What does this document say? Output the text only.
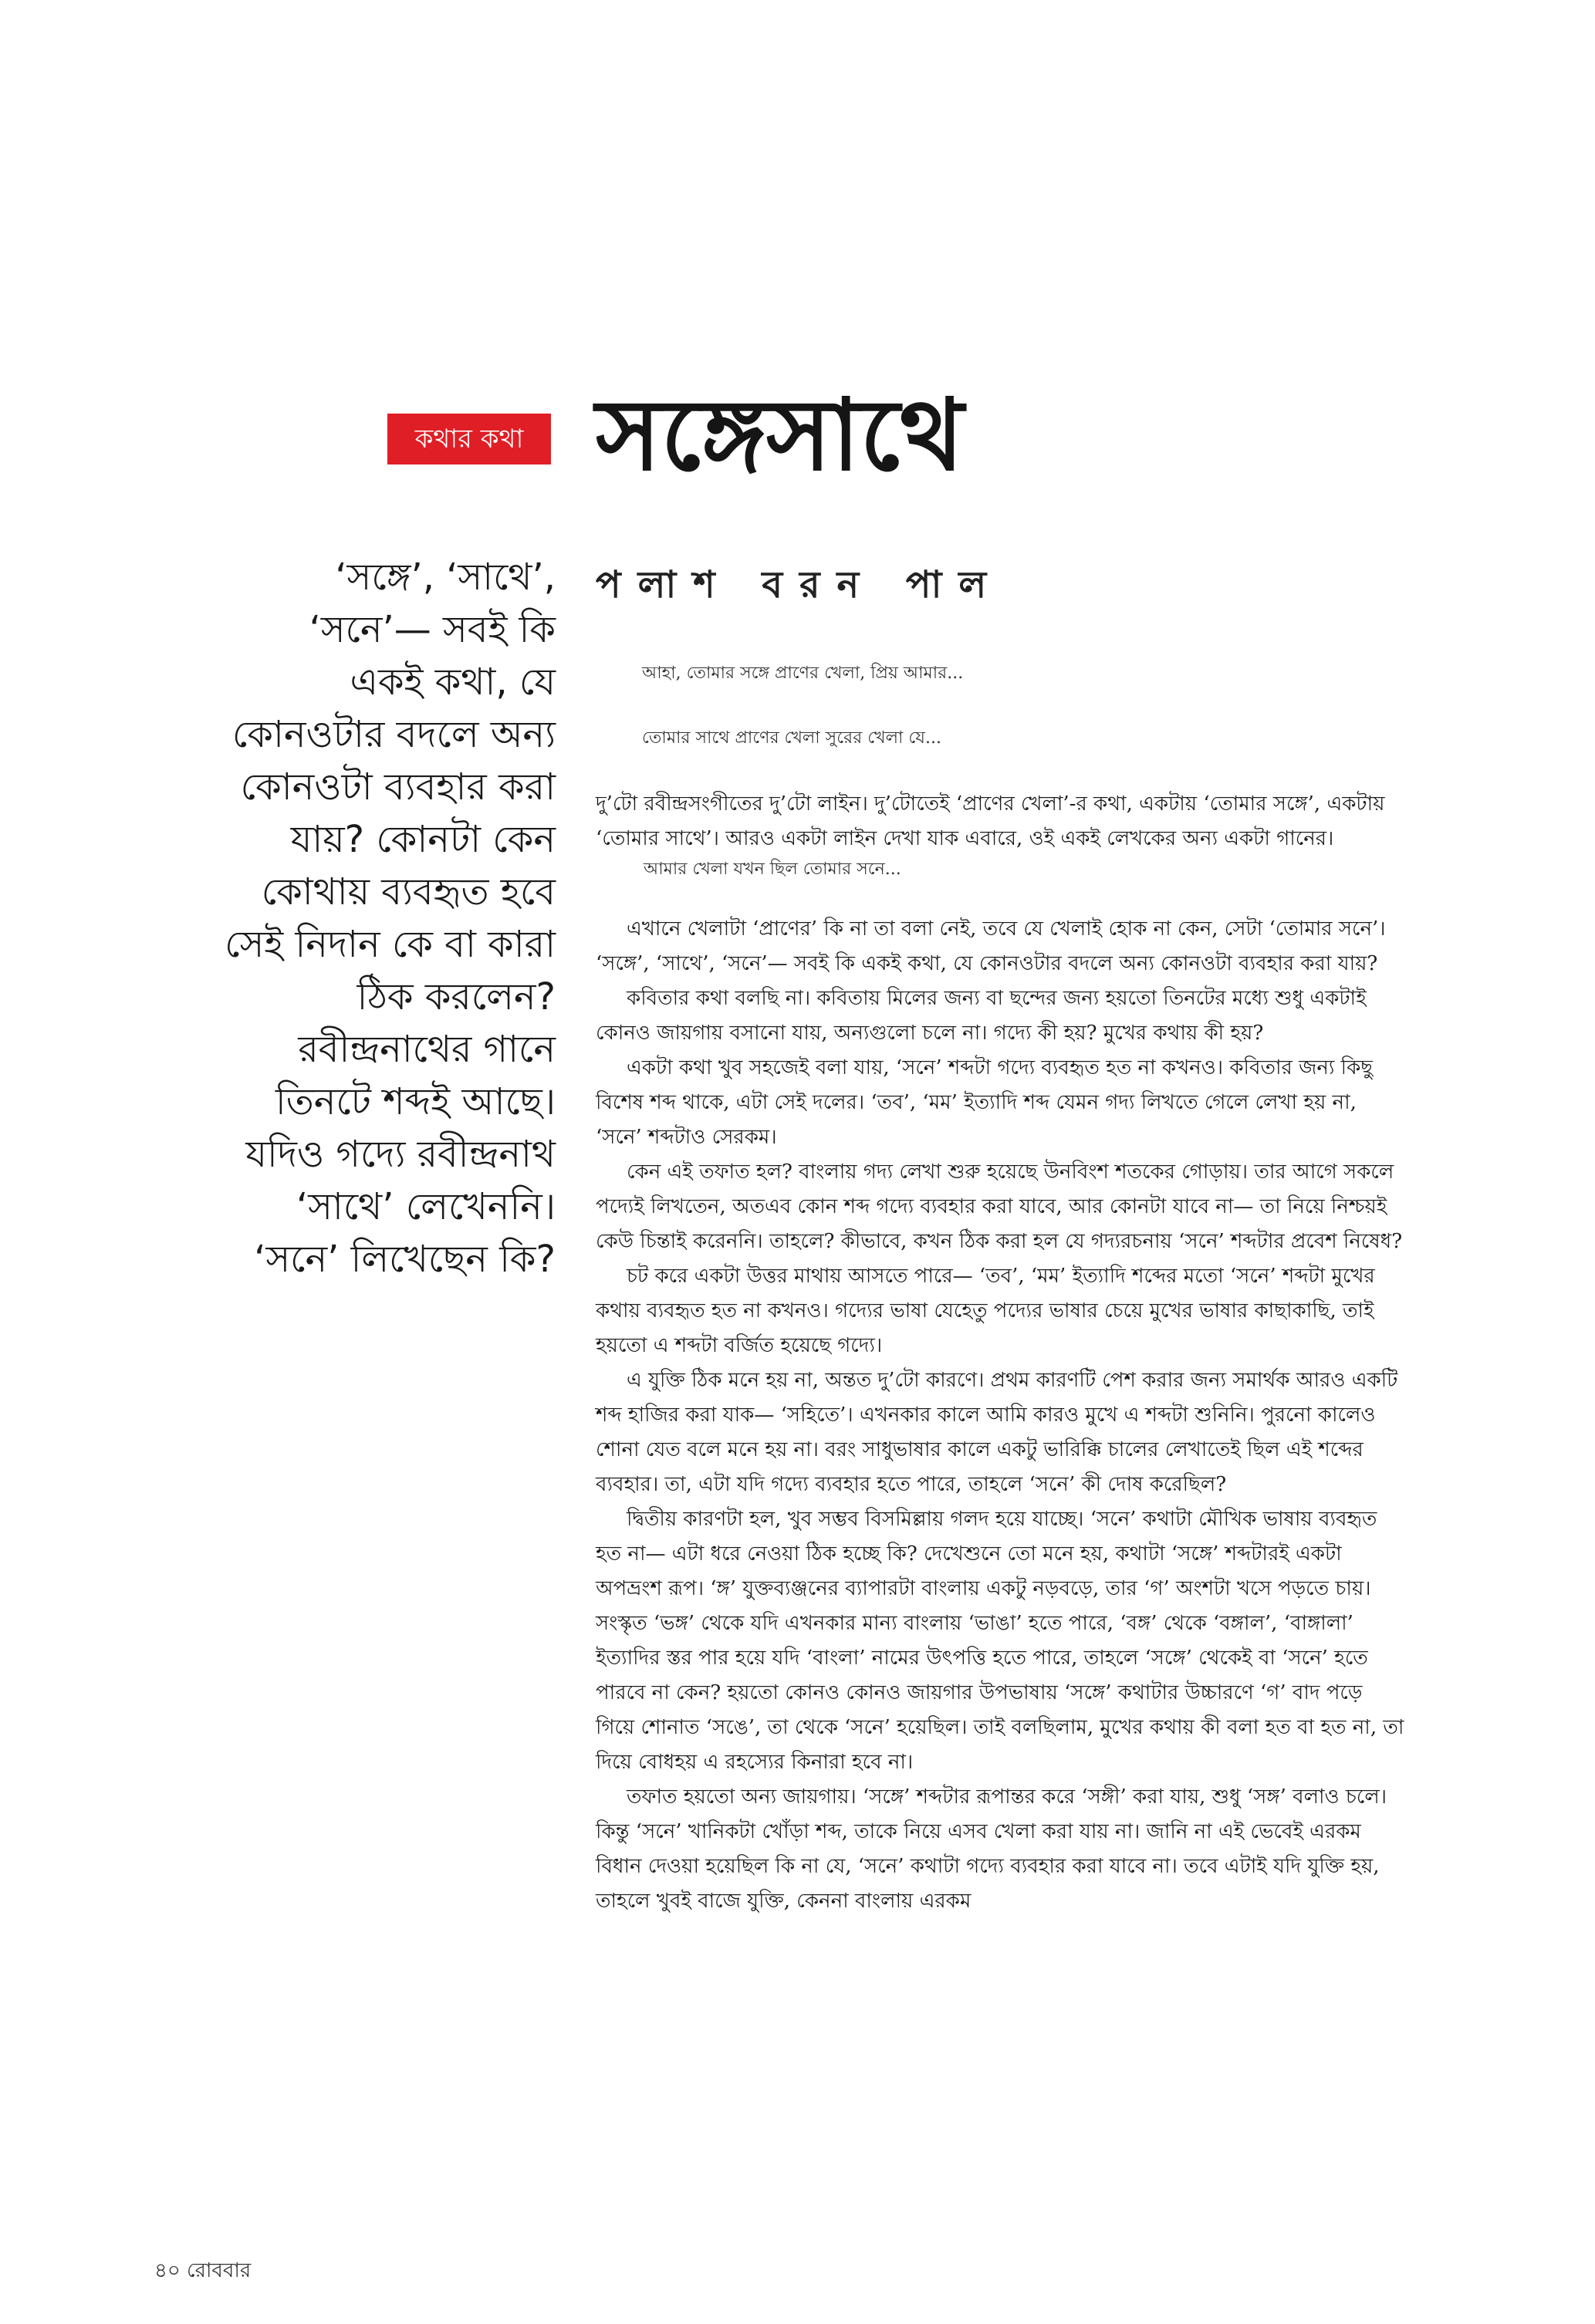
কথার কথা সঙ্গেসাথে
পলাশ বরন পাল
‘সঙ্গে’, ‘সাথে’,
‘সনে’— সবই কি
একই কথা, যে
কোনওটার বদলে অন্য
কোনওটা ব্যবহার করা
যায়? কোনটা কেন
কোথায় ব্যবহৃত হবে
সেই নিদান কে বা কারা
ঠিক করলেন?
রবীন্দ্রনাথের গানে
তিনটে শব্দই আছে।
যদিও গদ্যে রবীন্দ্রনাথ
‘সাথে’ লেখেননি।
‘সনে’ লিখেছেন কি?

আহা, তোমার সঙ্গে প্রাণের খেলা, প্রিয় আমার...

তোমার সাথে প্রাণের খেলা সুরের খেলা যে...

দু’টো রবীন্দ্রসংগীতের দু’টো লাইন। দু’টোতেই ‘প্রাণের খেলা’-র কথা, একটায় ‘তোমার সঙ্গে’, একটায় ‘তোমার সাথে’। আরও একটা লাইন দেখা যাক এবারে, ওই একই লেখকের অন্য একটা গানের।

আমার খেলা যখন ছিল তোমার সনে...

এখানে খেলাটা ‘প্রাণের’ কি না তা বলা নেই, তবে যে খেলাই হোক না কেন, সেটা ‘তোমার সনে’। ‘সঙ্গে’, ‘সাথে’, ‘সনে’— সবই কি একই কথা, যে কোনওটার বদলে অন্য কোনওটা ব্যবহার করা যায়?

কবিতার কথা বলছি না। কবিতায় মিলের জন্য বা ছন্দের জন্য হয়তো তিনটের মধ্যে শুধু একটাই কোনও জায়গায় বসানো যায়, অন্যগুলো চলে না। গদ্যে কী হয়? মুখের কথায় কী হয়?

একটা কথা খুব সহজেই বলা যায়, ‘সনে’ শব্দটা গদ্যে ব্যবহৃত হত না কখনও। কবিতার জন্য কিছু বিশেষ শব্দ থাকে, এটা সেই দলের। ‘তব’, ‘মম’ ইত্যাদি শব্দ যেমন গদ্য লিখতে গেলে লেখা হয় না, ‘সনে’ শব্দটাও সেরকম।

কেন এই তফাত হল? বাংলায় গদ্য লেখা শুরু হয়েছে উনবিংশ শতকের গোড়ায়। তার আগে সকলে পদ্যেই লিখতেন, অতএব কোন শব্দ গদ্যে ব্যবহার করা যাবে, আর কোনটা যাবে না— তা নিয়ে নিশ্চয়ই কেউ চিন্তাই করেননি। তাহলে? কীভাবে, কখন ঠিক করা হল যে গদ্যরচনায় ‘সনে’ শব্দটার প্রবেশ নিষেধ?

চট করে একটা উত্তর মাথায় আসতে পারে— ‘তব’, ‘মম’ ইত্যাদি শব্দের মতো ‘সনে’ শব্দটা মুখের কথায় ব্যবহৃত হত না কখনও। গদ্যের ভাষা যেহেতু পদ্যের ভাষার চেয়ে মুখের ভাষার কাছাকাছি, তাই হয়তো এ শব্দটা বর্জিত হয়েছে গদ্যে।

এ যুক্তি ঠিক মনে হয় না, অন্তত দু’টো কারণে। প্রথম কারণটি পেশ করার জন্য সমার্থক আরও একটি শব্দ হাজির করা যাক— ‘সহিতে’। এখনকার কালে আমি কারও মুখে এ শব্দটা শুনিনি। পুরনো কালেও শোনা যেত বলে মনে হয় না। বরং সাধুভাষার কালে একটু ভারিক্কি চালের লেখাতেই ছিল এই শব্দের ব্যবহার। তা, এটা যদি গদ্যে ব্যবহার হতে পারে, তাহলে ‘সনে’ কী দোষ করেছিল?

দ্বিতীয় কারণটা হল, খুব সম্ভব বিসমিল্লায় গলদ হয়ে যাচ্ছে। ‘সনে’ কথাটা মৌখিক ভাষায় ব্যবহৃত হত না— এটা ধরে নেওয়া ঠিক হচ্ছে কি? দেখেশুনে তো মনে হয়, কথাটা ‘সঙ্গে’ শব্দটারই একটা অপভ্রংশ রূপ। ‘ঙ্গ’ যুক্তব্যঞ্জনের ব্যাপারটা বাংলায় একটু নড়বড়ে, তার ‘গ’ অংশটা খসে পড়তে চায়। সংস্কৃত ‘ভঙ্গ’ থেকে যদি এখনকার মান্য বাংলায় ‘ভাঙা’ হতে পারে, ‘বঙ্গ’ থেকে ‘বঙ্গাল’, ‘বাঙ্গালা’ ইত্যাদির স্তর পার হয়ে যদি ‘বাংলা’ নামের উৎপত্তি হতে পারে, তাহলে ‘সঙ্গে’ থেকেই বা ‘সনে’ হতে পারবে না কেন? হয়তো কোনও কোনও জায়গার উপভাষায় ‘সঙ্গে’ কথাটার উচ্চারণে ‘গ’ বাদ পড়ে গিয়ে শোনাত ‘সঙে’, তা থেকে ‘সনে’ হয়েছিল। তাই বলছিলাম, মুখের কথায় কী বলা হত বা হত না, তা দিয়ে বোধহয় এ রহস্যের কিনারা হবে না।

তফাত হয়তো অন্য জায়গায়। ‘সঙ্গে’ শব্দটার রূপান্তর করে ‘সঙ্গী’ করা যায়, শুধু ‘সঙ্গ’ বলাও চলে। কিন্তু ‘সনে’ খানিকটা খোঁড়া শব্দ, তাকে নিয়ে এসব খেলা করা যায় না। জানি না এই ভেবেই এরকম বিধান দেওয়া হয়েছিল কি না যে, ‘সনে’ কথাটা গদ্যে ব্যবহার করা যাবে না। তবে এটাই যদি যুক্তি হয়, তাহলে খুবই বাজে যুক্তি, কেননা বাংলায় এরকম

৪০ রোববার
